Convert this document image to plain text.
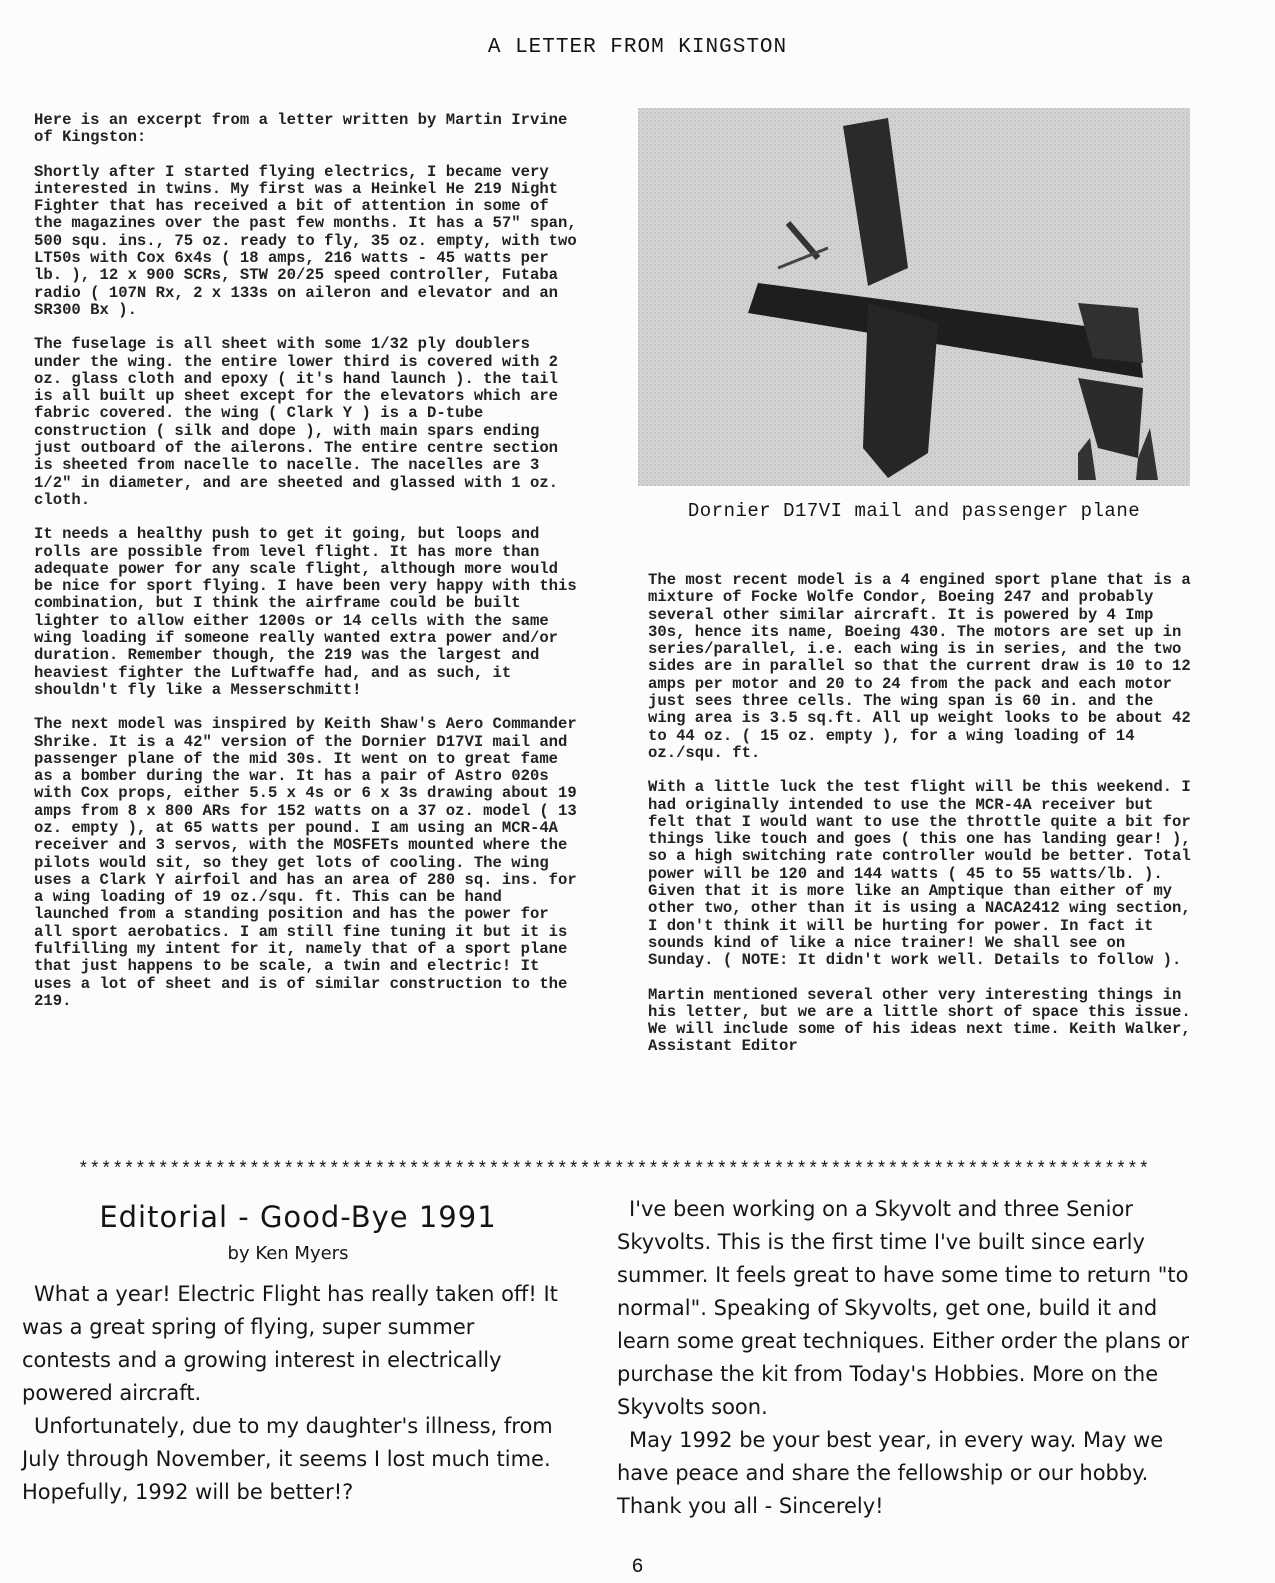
A LETTER FROM KINGSTON

Here is an excerpt from a letter written by Martin Irvine of Kingston:

Shortly after I started flying electrics, I became very interested in twins. My first was a Heinkel He 219 Night Fighter that has received a bit of attention in some of the magazines over the past few months. It has a 57" span, 500 squ. ins., 75 oz. ready to fly, 35 oz. empty, with two LT50s with Cox 6x4s ( 18 amps, 216 watts - 45 watts per lb. ), 12 x 900 SCRs, STW 20/25 speed controller, Futaba radio ( 107N Rx, 2 x 133s on aileron and elevator and an SR300 Bx ).

The fuselage is all sheet with some 1/32 ply doublers under the wing. the entire lower third is covered with 2 oz. glass cloth and epoxy ( it's hand launch ). the tail is all built up sheet except for the elevators which are fabric covered. the wing ( Clark Y ) is a D-tube construction ( silk and dope ), with main spars ending just outboard of the ailerons. The entire centre section is sheeted from nacelle to nacelle. The nacelles are 3 1/2" in diameter, and are sheeted and glassed with 1 oz. cloth.

It needs a healthy push to get it going, but loops and rolls are possible from level flight. It has more than adequate power for any scale flight, although more would be nice for sport flying. I have been very happy with this combination, but I think the airframe could be built lighter to allow either 1200s or 14 cells with the same wing loading if someone really wanted extra power and/or duration. Remember though, the 219 was the largest and heaviest fighter the Luftwaffe had, and as such, it shouldn't fly like a Messerschmitt!

The next model was inspired by Keith Shaw's Aero Commander Shrike. It is a 42" version of the Dornier D17VI mail and passenger plane of the mid 30s. It went on to great fame as a bomber during the war. It has a pair of Astro 020s with Cox props, either 5.5 x 4s or 6 x 3s drawing about 19 amps from 8 x 800 ARs for 152 watts on a 37 oz. model ( 13 oz. empty ), at 65 watts per pound. I am using an MCR-4A receiver and 3 servos, with the MOSFETs mounted where the pilots would sit, so they get lots of cooling. The wing uses a Clark Y airfoil and has an area of 280 sq. ins. for a wing loading of 19 oz./squ. ft. This can be hand launched from a standing position and has the power for all sport aerobatics. I am still fine tuning it but it is fulfilling my intent for it, namely that of a sport plane that just happens to be scale, a twin and electric! It uses a lot of sheet and is of similar construction to the 219.

Dornier D17VI mail and passenger plane

The most recent model is a 4 engined sport plane that is a mixture of Focke Wolfe Condor, Boeing 247 and probably several other similar aircraft. It is powered by 4 Imp 30s, hence its name, Boeing 430. The motors are set up in series/parallel, i.e. each wing is in series, and the two sides are in parallel so that the current draw is 10 to 12 amps per motor and 20 to 24 from the pack and each motor just sees three cells. The wing span is 60 in. and the wing area is 3.5 sq.ft. All up weight looks to be about 42 to 44 oz. ( 15 oz. empty ), for a wing loading of 14 oz./squ. ft.

With a little luck the test flight will be this weekend. I had originally intended to use the MCR-4A receiver but felt that I would want to use the throttle quite a bit for things like touch and goes ( this one has landing gear! ), so a high switching rate controller would be better. Total power will be 120 and 144 watts ( 45 to 55 watts/lb. ). Given that it is more like an Amptique than either of my other two, other than it is using a NACA2412 wing section, I don't think it will be hurting for power. In fact it sounds kind of like a nice trainer! We shall see on Sunday. ( NOTE: It didn't work well. Details to follow ).

Martin mentioned several other very interesting things in his letter, but we are a little short of space this issue. We will include some of his ideas next time. Keith Walker, Assistant Editor

**********************************************************************************************
Editorial - Good-Bye 1991
by Ken Myers

What a year! Electric Flight has really taken off! It was a great spring of flying, super summer contests and a growing interest in electrically powered aircraft.

Unfortunately, due to my daughter's illness, from July through November, it seems I lost much time. Hopefully, 1992 will be better!?

I've been working on a Skyvolt and three Senior Skyvolts. This is the first time I've built since early summer. It feels great to have some time to return "to normal". Speaking of Skyvolts, get one, build it and learn some great techniques. Either order the plans or purchase the kit from Today's Hobbies. More on the Skyvolts soon.

May 1992 be your best year, in every way. May we have peace and share the fellowship or our hobby. Thank you all - Sincerely!

6
